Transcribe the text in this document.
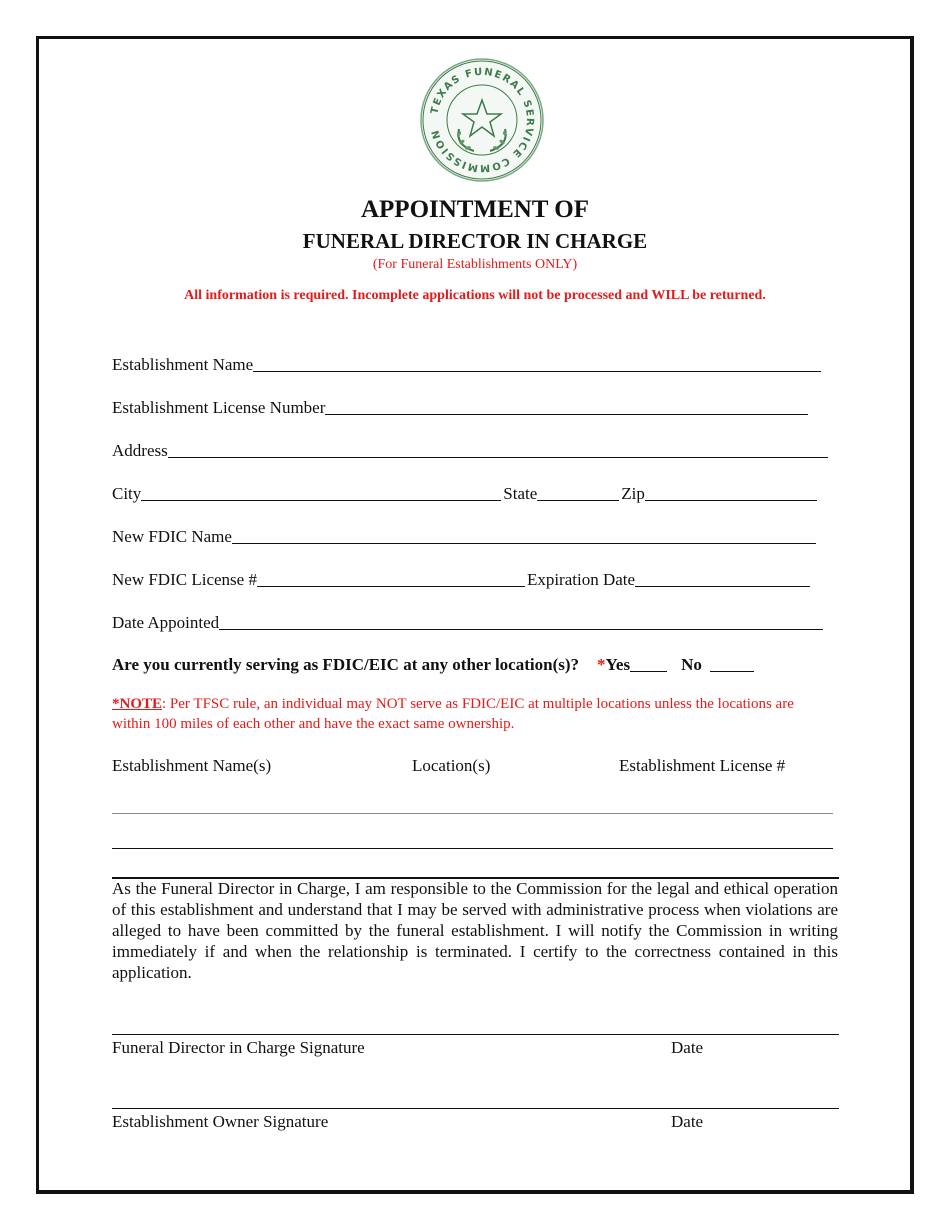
TEXAS FUNERAL SERVICE COMMISSION
APPOINTMENT OF
FUNERAL DIRECTOR IN CHARGE
(For Funeral Establishments ONLY)
All information is required. Incomplete applications will not be processed and WILL be returned.
Establishment Name
Establishment License Number
Address
City	State	Zip
New FDIC Name
New FDIC License #	Expiration Date
Date Appointed
Are you currently serving as FDIC/EIC at any other location(s)? * Yes	No
*NOTE: Per TFSC rule, an individual may NOT serve as FDIC/EIC at multiple locations unless the locations are within 100 miles of each other and have the exact same ownership.
Establishment Name(s)	Location(s)	Establishment License #
As the Funeral Director in Charge, I am responsible to the Commission for the legal and ethical operation of this establishment and understand that I may be served with administrative process when violations are alleged to have been committed by the funeral establishment. I will notify the Commission in writing immediately if and when the relationship is terminated. I certify to the correctness contained in this application.
Funeral Director in Charge Signature	Date
Establishment Owner Signature	Date
